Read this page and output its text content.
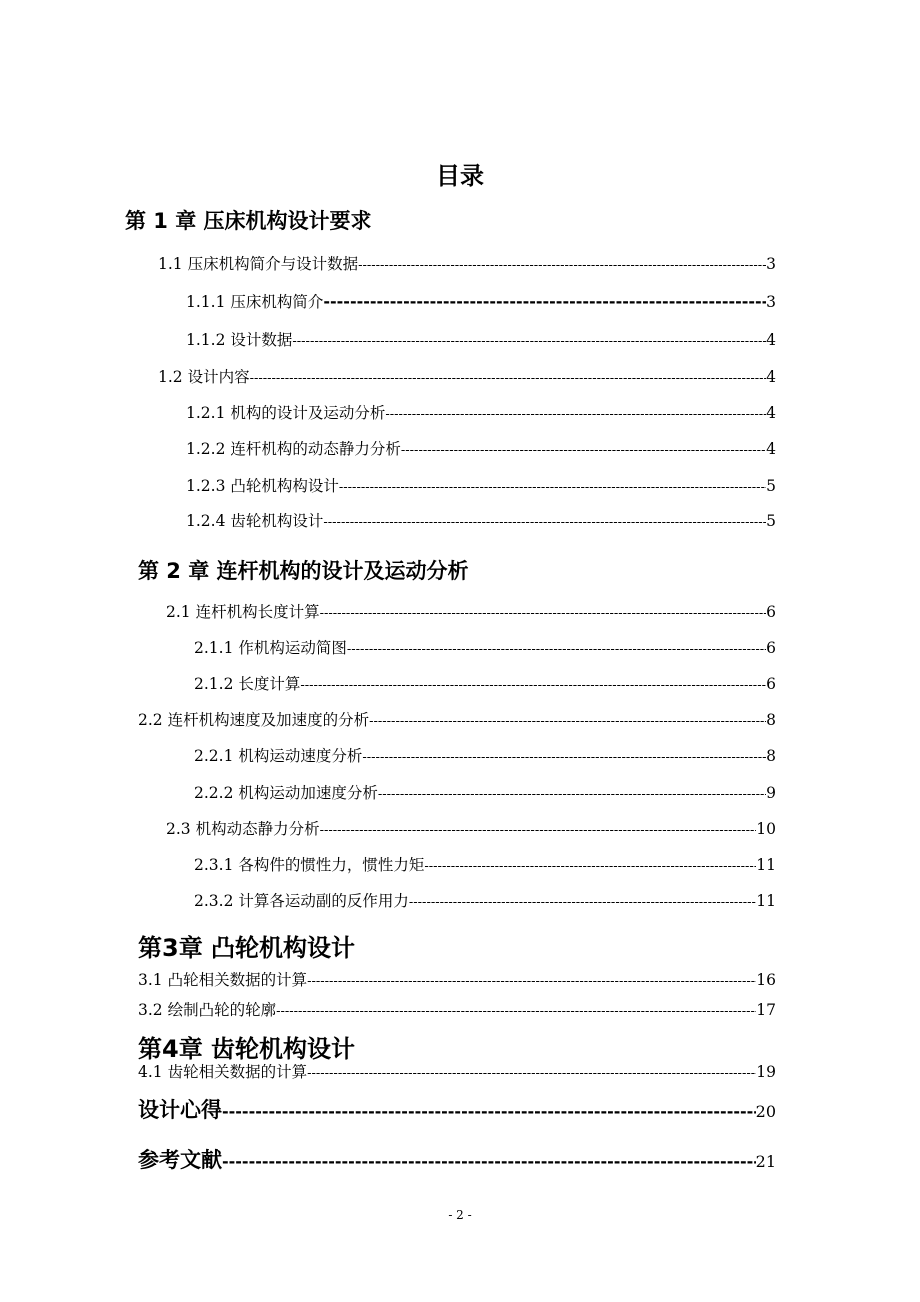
目录
第 1 章 压床机构设计要求
1.1 压床机构简介与设计数据 -----	3
1.1.1 压床机构简介 -----	3
1.1.2 设计数据 -----	4
1.2 设计内容 -----	4
1.2.1 机构的设计及运动分析 -----	4
1.2.2 连杆机构的动态静力分析 -----	4
1.2.3 凸轮机构构设计 -----	5
1.2.4 齿轮机构设计 -----	5
第 2 章 连杆机构的设计及运动分析
2.1 连杆机构长度计算 -----	6
2.1.1 作机构运动简图 -----	6
2.1.2 长度计算 -----	6
2.2 连杆机构速度及加速度的分析 -----	8
2.2.1 机构运动速度分析 -----	8
2.2.2 机构运动加速度分析 -----	9
2.3 机构动态静力分析 -----	10
2.3.1 各构件的惯性力，惯性力矩 -----	11
2.3.2 计算各运动副的反作用力 -----	11
第3章 凸轮机构设计
3.1 凸轮相关数据的计算 -----	16
3.2 绘制凸轮的轮廓 -----	17
第4章 齿轮机构设计
4.1 齿轮相关数据的计算 -----	19
设计心得 -----	20
参考文献 -----	21
- 2 -
